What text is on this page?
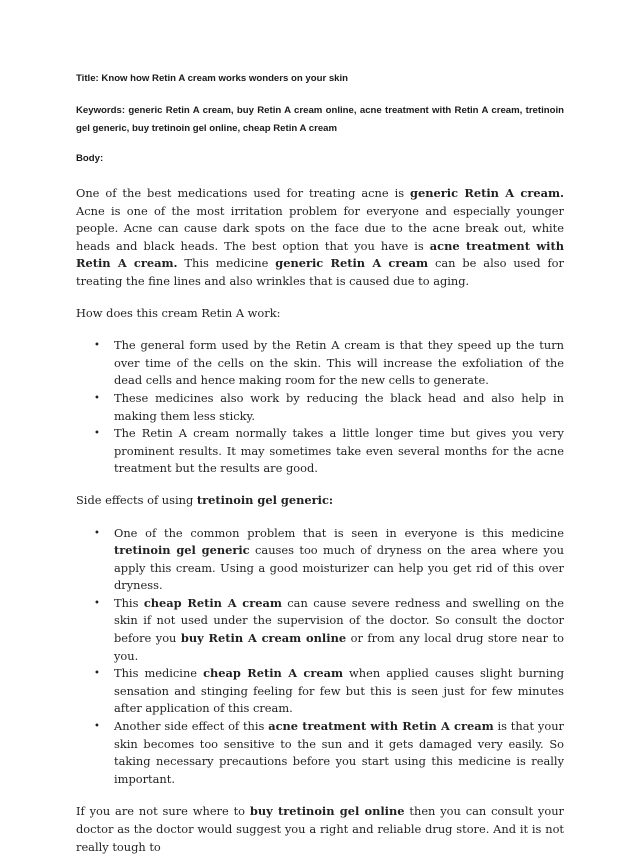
Title: Know how Retin A cream works wonders on your skin

Keywords: generic Retin A cream, buy Retin A cream online, acne treatment with Retin A cream, tretinoin gel generic, buy tretinoin gel online, cheap Retin A cream

Body:

One of the best medications used for treating acne is generic Retin A cream. Acne is one of the most irritation problem for everyone and especially younger people. Acne can cause dark spots on the face due to the acne break out, white heads and black heads. The best option that you have is acne treatment with Retin A cream. This medicine generic Retin A cream can be also used for treating the fine lines and also wrinkles that is caused due to aging.

How does this cream Retin A work:

• The general form used by the Retin A cream is that they speed up the turn over time of the cells on the skin. This will increase the exfoliation of the dead cells and hence making room for the new cells to generate.
• These medicines also work by reducing the black head and also help in making them less sticky.
• The Retin A cream normally takes a little longer time but gives you very prominent results. It may sometimes take even several months for the acne treatment but the results are good.

Side effects of using tretinoin gel generic:

• One of the common problem that is seen in everyone is this medicine tretinoin gel generic causes too much of dryness on the area where you apply this cream. Using a good moisturizer can help you get rid of this over dryness.
• This cheap Retin A cream can cause severe redness and swelling on the skin if not used under the supervision of the doctor. So consult the doctor before you buy Retin A cream online or from any local drug store near to you.
• This medicine cheap Retin A cream when applied causes slight burning sensation and stinging feeling for few but this is seen just for few minutes after application of this cream.
• Another side effect of this acne treatment with Retin A cream is that your skin becomes too sensitive to the sun and it gets damaged very easily. So taking necessary precautions before you start using this medicine is really important.

If you are not sure where to buy tretinoin gel online then you can consult your doctor as the doctor would suggest you a right and reliable drug store. And it is not really tough to
